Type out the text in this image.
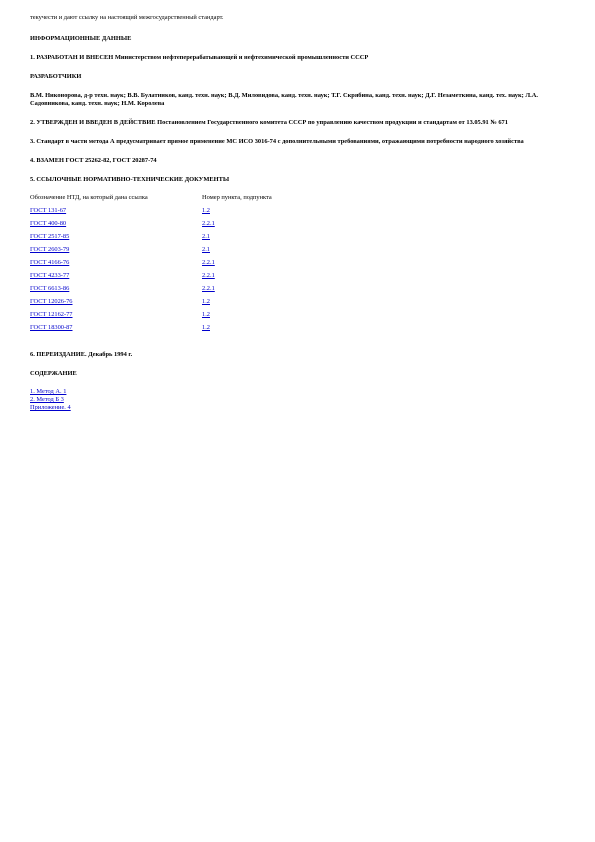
текучести и дают ссылку на настоящий межгосударственный стандарт.

ИНФОРМАЦИОННЫЕ ДАННЫЕ

1. РАЗРАБОТАН И ВНЕСЕН Министерством нефтеперерабатывающей и нефтехимической промышленности СССР

РАЗРАБОТЧИКИ

В.М. Никонорова, д-р техн. наук; В.В. Булатников, канд. техн. наук; В.Д. Миловидова, канд. техн. наук; Т.Г. Скрябина, канд. техн. наук; Д.Г. Незаметкина, канд. тех. наук; Л.А. Садовникова, канд. техн. наук; Н.М. Королева

2. УТВЕРЖДЕН И ВВЕДЕН В ДЕЙСТВИЕ Постановлением Государственного комитета СССР по управлению качеством продукции и стандартам от 13.05.91 № 671

3. Стандарт в части метода А предусматривает прямое применение МС ИСО 3016-74 с дополнительными требованиями, отражающими потребности народного хозяйства

4. ВЗАМЕН ГОСТ 25262-82, ГОСТ 20287-74

5. ССЫЛОЧНЫЕ НОРМАТИВНО-ТЕХНИЧЕСКИЕ ДОКУМЕНТЫ

Обозначение НТД, на который дана ссылка	Номер пункта, подпункта
ГОСТ 131-67	1.2
ГОСТ 400-80	2.2.1
ГОСТ 2517-85	2.1
ГОСТ 2603-79	2.1
ГОСТ 4166-76	2.2.1
ГОСТ 4233-77	2.2.1
ГОСТ 6613-86	2.2.1
ГОСТ 12026-76	1.2
ГОСТ 12162-77	1.2
ГОСТ 18300-87	1.2

6. ПЕРЕИЗДАНИЕ. Декабрь 1994 г.

СОДЕРЖАНИЕ

1. Метод А. 1
2. Метод Б 3
Приложение. 4
